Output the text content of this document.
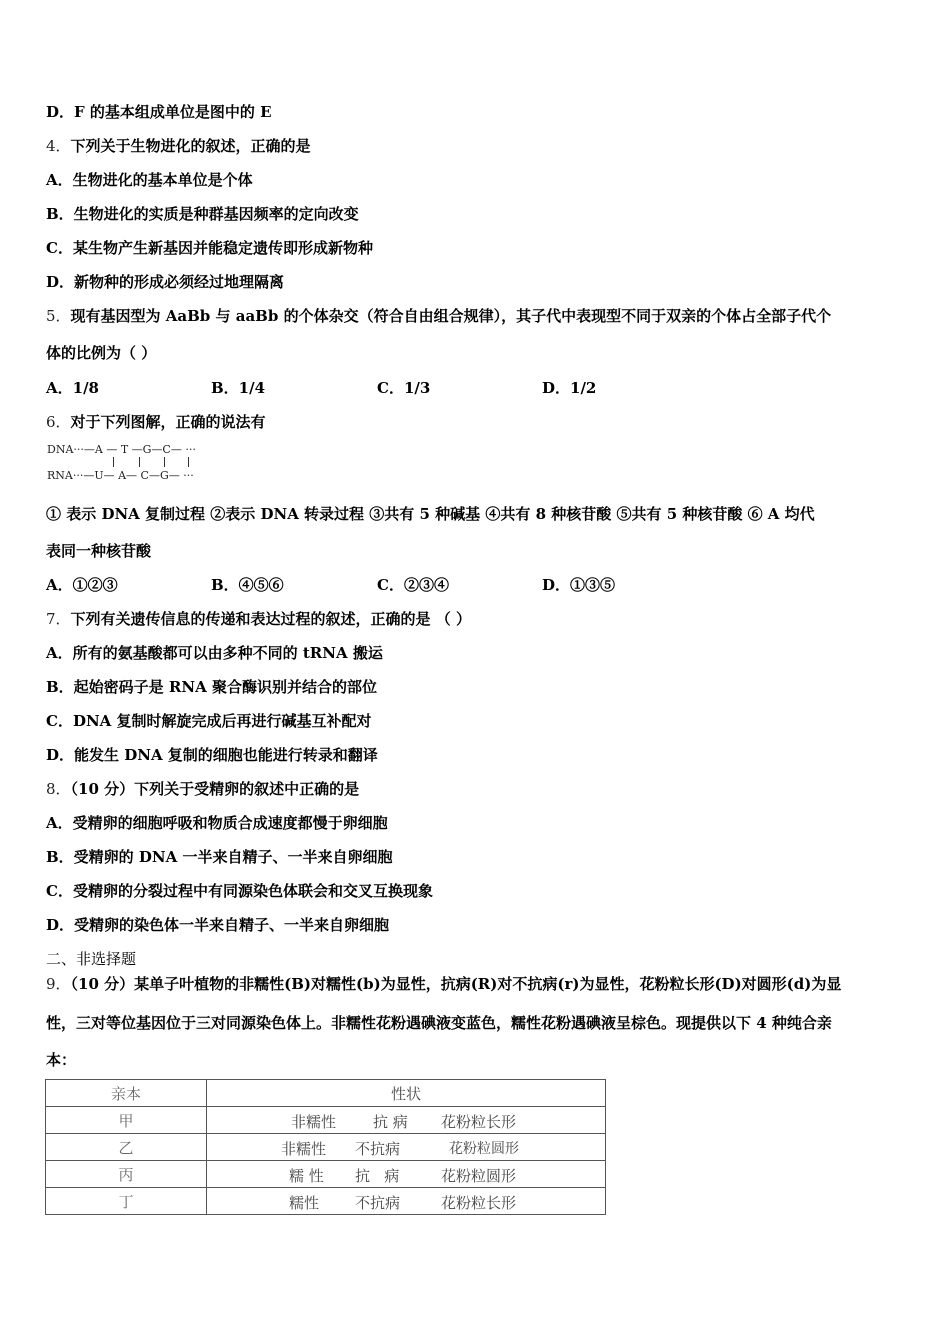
D．F 的基本组成单位是图中的 E
4．下列关于生物进化的叙述，正确的是
A．生物进化的基本单位是个体
B．生物进化的实质是种群基因频率的定向改变
C．某生物产生新基因并能稳定遗传即形成新物种
D．新物种的形成必须经过地理隔离
5．现有基因型为 AaBb 与 aaBb 的个体杂交（符合自由组合规律），其子代中表现型不同于双亲的个体占全部子代个
体的比例为（ ）
A．1/8	B．1/4	C．1/3	D．1/2
6．对于下列图解，正确的说法有
DNA···—A — T —G—C— ···
RNA···—U— A— C—G— ···
① 表示 DNA 复制过程 ②表示 DNA 转录过程 ③共有 5 种碱基 ④共有 8 种核苷酸 ⑤共有 5 种核苷酸 ⑥ A 均代
表同一种核苷酸
A．①②③	B．④⑤⑥	C．②③④	D．①③⑤
7．下列有关遗传信息的传递和表达过程的叙述，正确的是 （ ）
A．所有的氨基酸都可以由多种不同的 tRNA 搬运
B．起始密码子是 RNA 聚合酶识别并结合的部位
C．DNA 复制时解旋完成后再进行碱基互补配对
D．能发生 DNA 复制的细胞也能进行转录和翻译
8．（10 分）下列关于受精卵的叙述中正确的是
A．受精卵的细胞呼吸和物质合成速度都慢于卵细胞
B．受精卵的 DNA 一半来自精子、一半来自卵细胞
C．受精卵的分裂过程中有同源染色体联会和交叉互换现象
D．受精卵的染色体一半来自精子、一半来自卵细胞
二、非选择题
9．（10 分）某单子叶植物的非糯性(B)对糯性(b)为显性，抗病(R)对不抗病(r)为显性，花粉粒长形(D)对圆形(d)为显
性，三对等位基因位于三对同源染色体上。非糯性花粉遇碘液变蓝色，糯性花粉遇碘液呈棕色。现提供以下 4 种纯合亲
本：
亲本	性状
甲	非糯性 抗 病 花粉粒长形

乙	非糯性 不抗病 花粉粒圆形

丙	糯 性 抗   病 花粉粒圆形

丁	糯性 不抗病 花粉粒长形
